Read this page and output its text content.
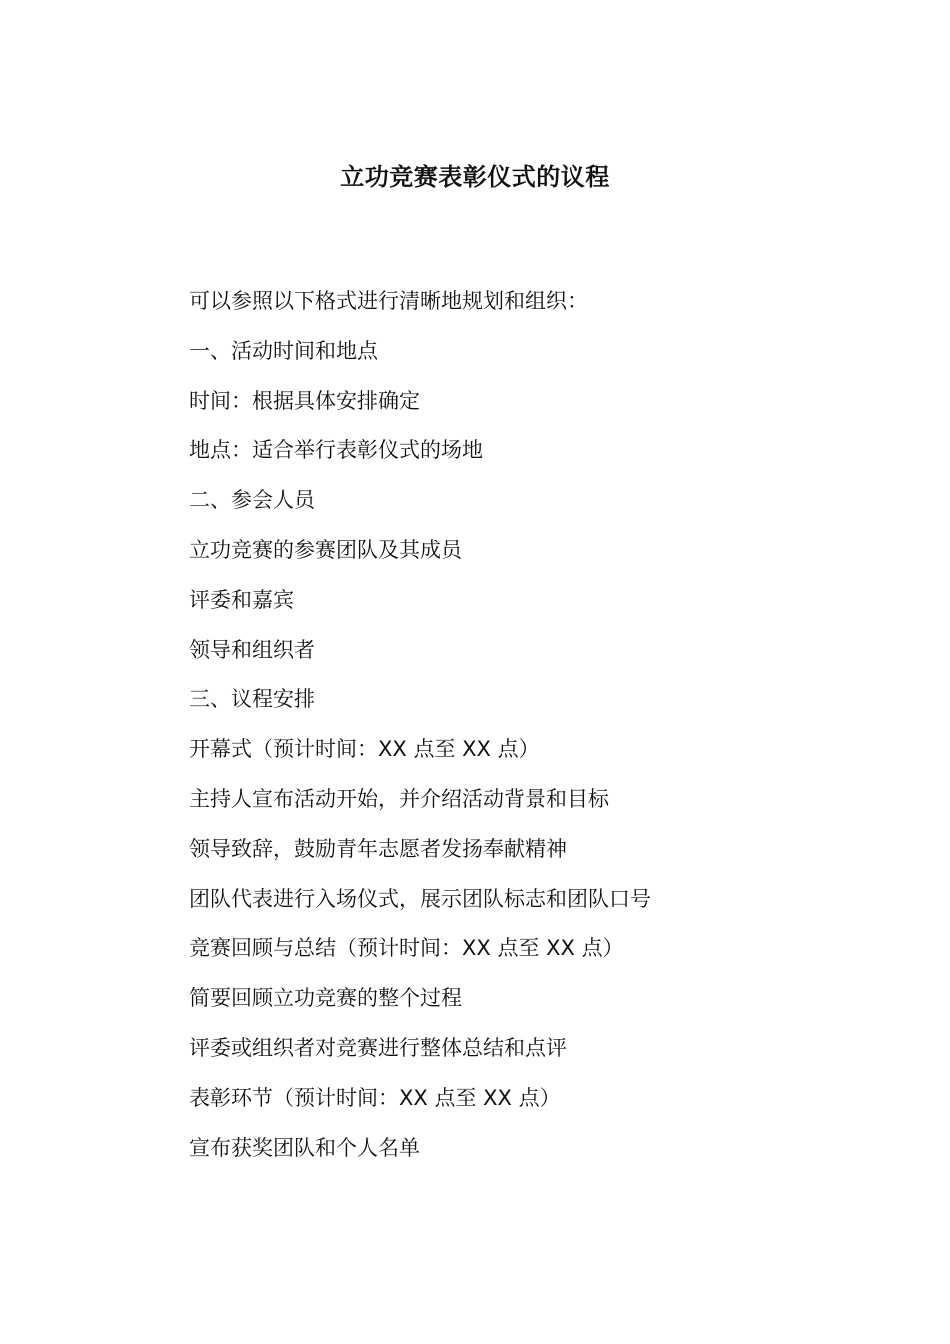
立功竞赛表彰仪式的议程
可以参照以下格式进行清晰地规划和组织：
一、活动时间和地点
时间：根据具体安排确定
地点：适合举行表彰仪式的场地
二、参会人员
立功竞赛的参赛团队及其成员
评委和嘉宾
领导和组织者
三、议程安排
开幕式（预计时间：XX 点至 XX 点）
主持人宣布活动开始，并介绍活动背景和目标
领导致辞，鼓励青年志愿者发扬奉献精神
团队代表进行入场仪式，展示团队标志和团队口号
竞赛回顾与总结（预计时间：XX 点至 XX 点）
简要回顾立功竞赛的整个过程
评委或组织者对竞赛进行整体总结和点评
表彰环节（预计时间：XX 点至 XX 点）
宣布获奖团队和个人名单
